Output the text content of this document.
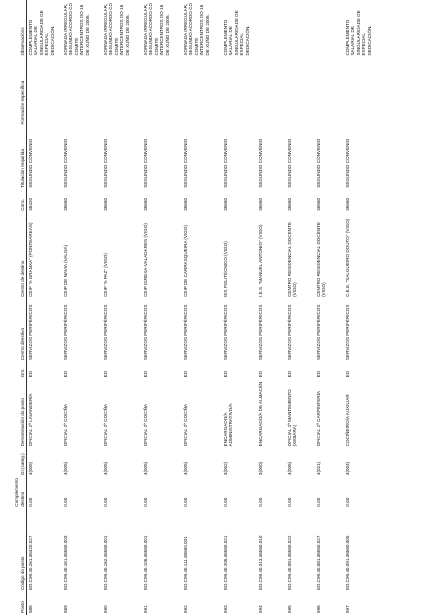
Posto	Código do posto	Complemento destino	Gr.(categ.)	Denominación do posto	Ors.	Centro directivo	Centro de destino	Conc.	Titulación requirida	Formación específica	Observacións
588	ED.C99.40.261.36420.027	0.00	4(005)	OFICIAL 2ª LAVANDERÍA	ED	SERVIZOS PERIFÉRICOS	CEIP "A GRANXA" (PONTEAREAS)	36420	SEGUNDO CONVENIO		COMPLEMENTO SALARIAL DE SINGULARIDADE DE ESPECIAL DEDICACIÓN.
589	ED.C99.40.161.36560.003	0.00	4(005)	OFICIAL 2ª COCIÑA	ED	SERVIZOS PERIFÉRICOS	CEIP DE NAVIA (VALGA)	36560	SEGUNDO CONVENIO		XORNADA IRREGULAR, SEGUNDO ACORDO CO COMITÉ INTERCENTROS DO 16 DE XUÑO DE 2006.
590	ED.C99.40.162.36560.001	0.00	4(005)	OFICIAL 2ª COCIÑA	ED	SERVIZOS PERIFÉRICOS	CEIP "A PAZ" (VIGO)	36560	SEGUNDO CONVENIO		XORNADA IRREGULAR, SEGUNDO ACORDO CO COMITÉ INTERCENTROS DO 16 DE XUÑO DE 2006.
591	ED.C99.40.106.36560.001	0.00	4(005)	OFICIAL 2ª COCIÑA	ED	SERVIZOS PERIFÉRICOS	CEIP IGREXA-VALADARES (VIGO)	36560	SEGUNDO CONVENIO		XORNADA IRREGULAR, SEGUNDO ACORDO CO COMITÉ INTERCENTROS DO 16 DE XUÑO DE 2006.
592	ED.C99.40.111.36560.001	0.00	4(005)	OFICIAL 2ª COCIÑA	ED	SERVIZOS PERIFÉRICOS	CEIP DE CARRASQUEIRA (VIGO)	36560	SEGUNDO CONVENIO		XORNADA IRREGULAR, SEGUNDO ACORDO CO COMITÉ INTERCENTROS DO 16 DE XUÑO DE 2006.
593	ED.C99.40.206.36560.021	0.00	3(002)	ENCARGADO/A ADMINISTRATIVO/A	ED	SERVIZOS PERIFÉRICOS	IES POLITÉCNICO (VIGO)	36560	SEGUNDO CONVENIO		COMPLEMENTO SALARIAL DE SINGULARIDADE DE ESPECIAL DEDICACIÓN.
594	ED.C99.40.313.36560.010	0.00	3(000)	ENCARGADO/A DE ALMACÉN	ED	SERVIZOS PERIFÉRICOS	I.E.S. "MANUEL ANTONIO" (VIGO)	36560	SEGUNDO CONVENIO		
595	ED.C99.40.081.36560.022	0.00	4(006)	OFICIAL 2ª MANTEMENTO (XEBARA)	ED	SERVIZOS PERIFÉRICOS	CENTRO RESIDENCIAL DOCENTE (VIGO)	36560	SEGUNDO CONVENIO		
596	ED.C99.40.081.36560.027	0.00	4(021)	OFICIAL 2ª CARPINTERÍA	ED	SERVIZOS PERIFÉRICOS	CENTRO RESIDENCIAL DOCENTE (VIGO)	36560	SEGUNDO CONVENIO		
597	ED.C99.40.091.36560.005	0.00	4(004)	COCIÑEIRO/A AUXILIAR	ED	SERVIZOS PERIFÉRICOS	C.E.E. "SALGUEIRO DOUTO" (VIGO)	36560	SEGUNDO CONVENIO		COMPLEMENTO SALARIAL DE SINGULARIDADE DE ESPECIAL DEDICACIÓN.
